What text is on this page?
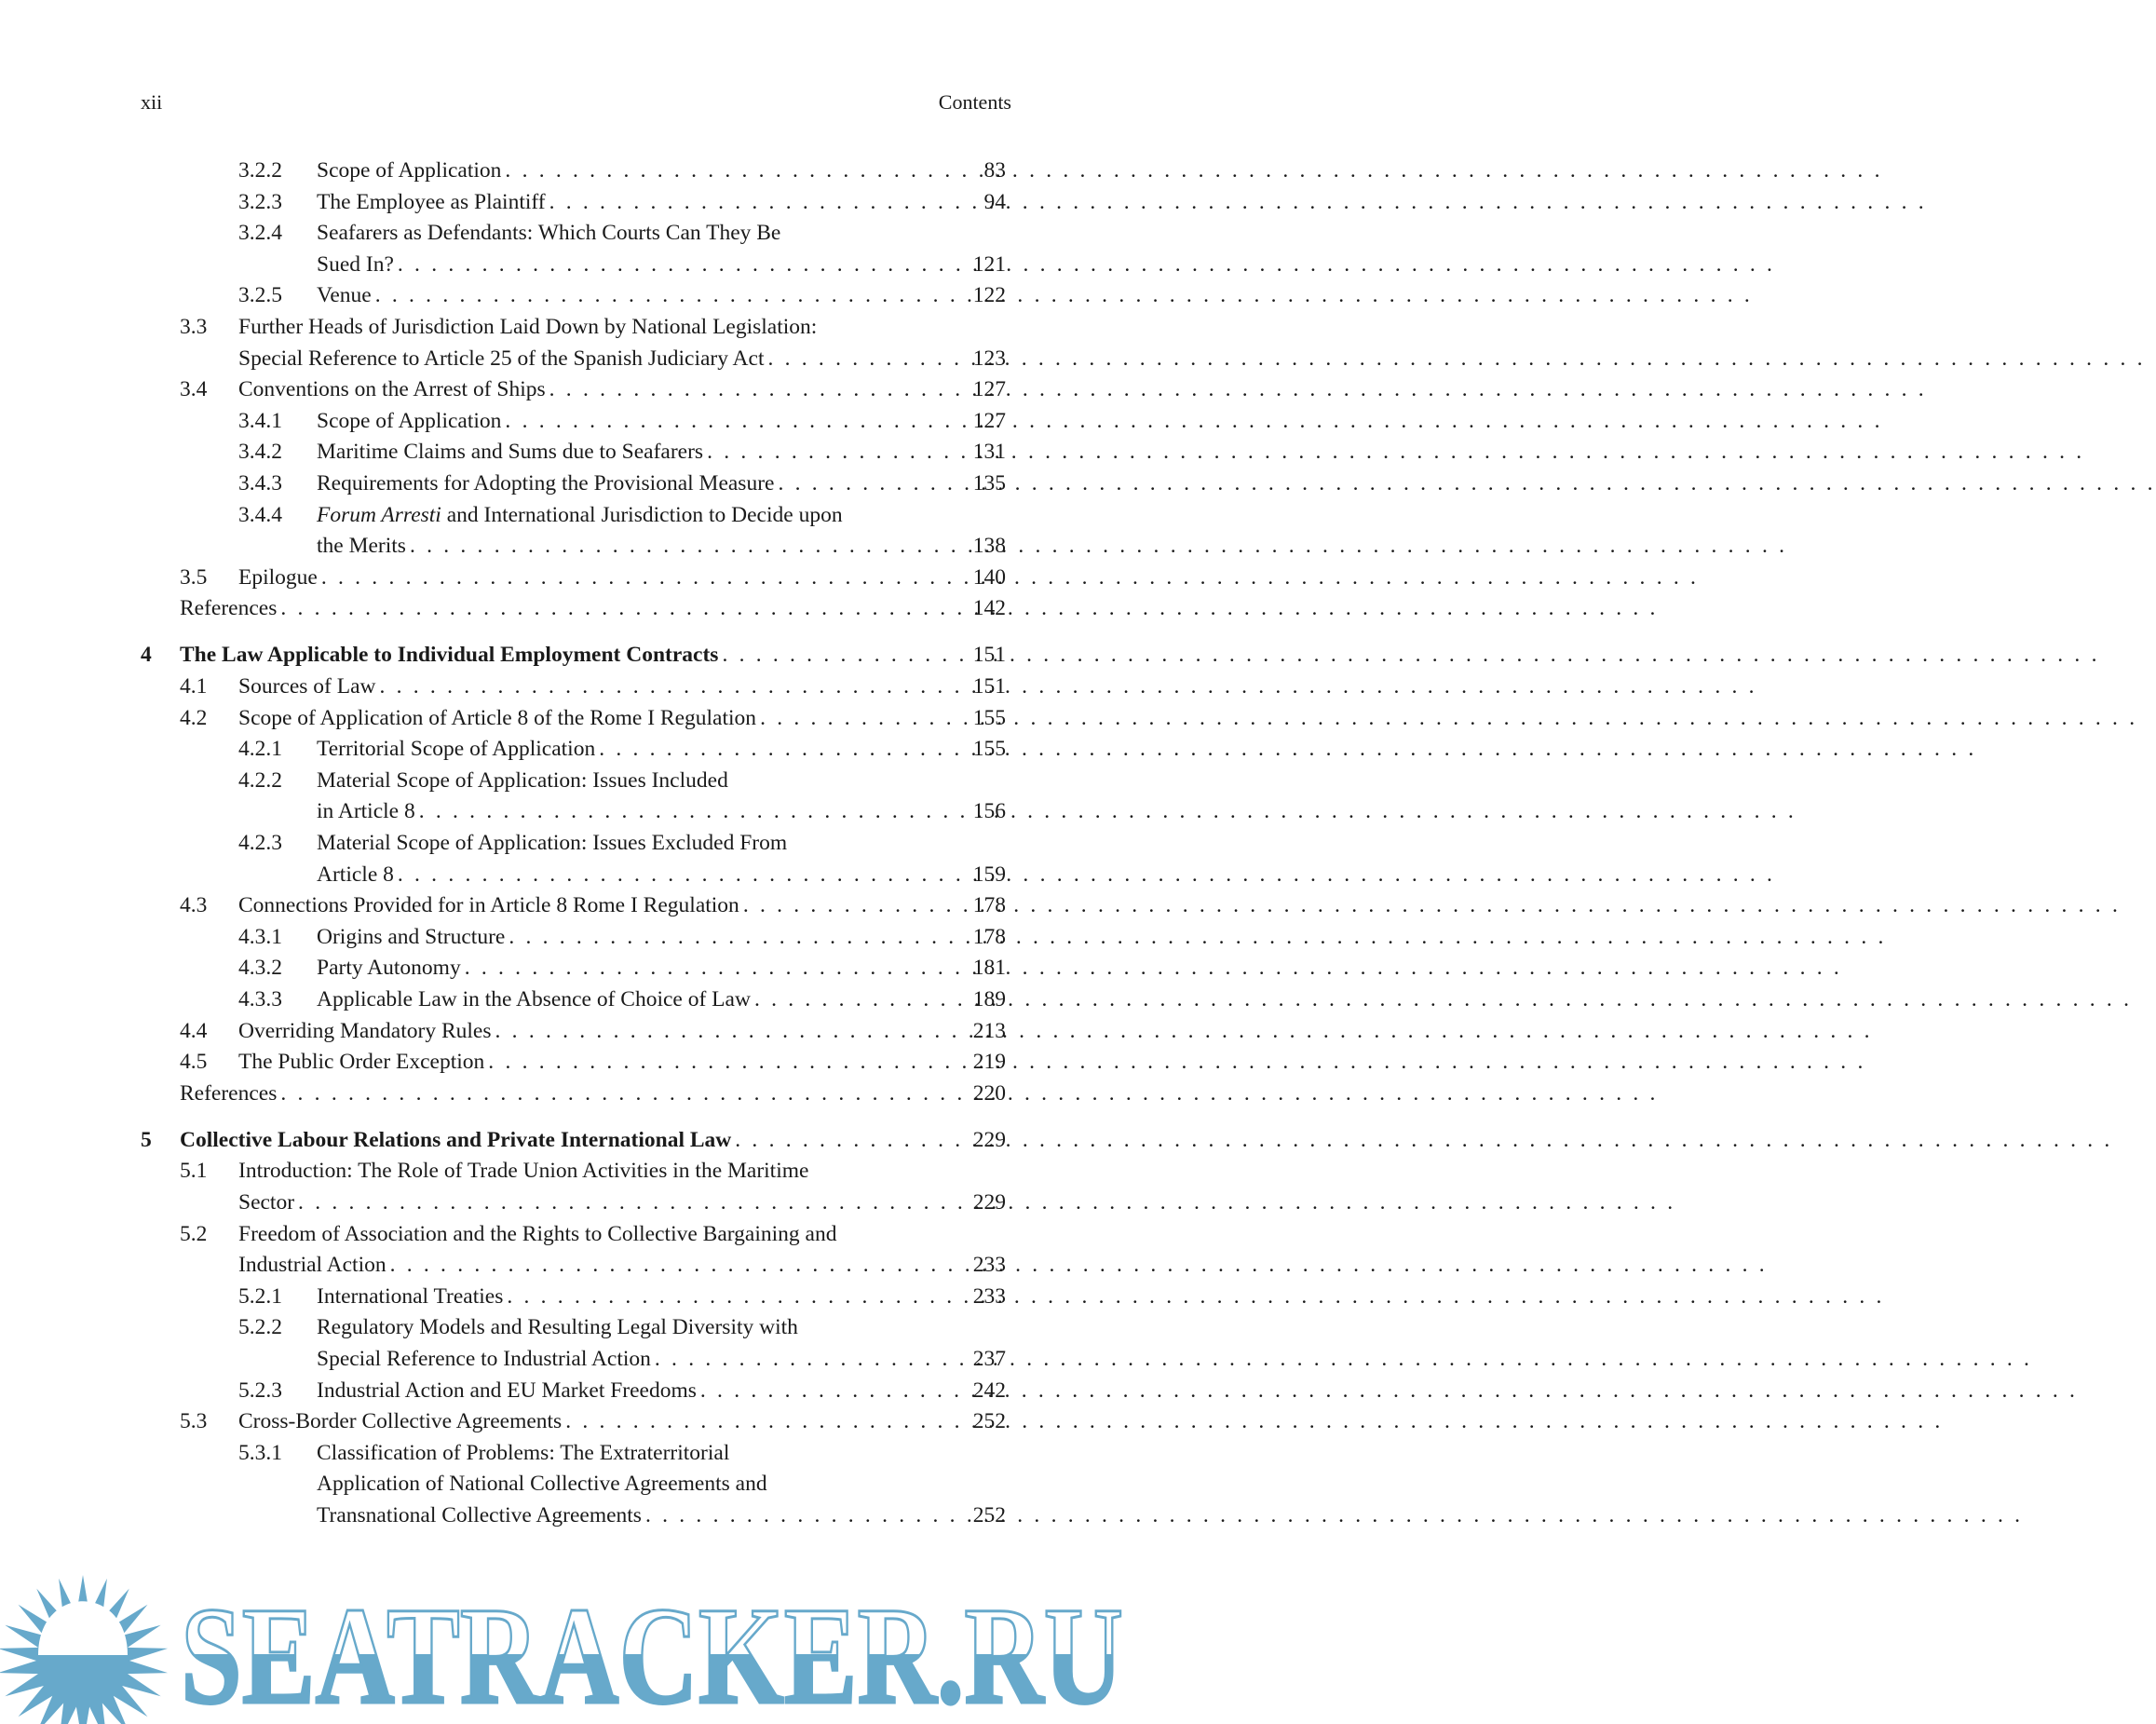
xii	Contents
3.2.2 Scope of Application . . .	83
3.2.3 The Employee as Plaintiff . . .	94
3.2.4 Seafarers as Defendants: Which Courts Can They Be
Sued In? . . .	121
3.2.5 Venue . . .	122
3.3 Further Heads of Jurisdiction Laid Down by National Legislation:
Special Reference to Article 25 of the Spanish Judiciary Act . . .	123
3.4 Conventions on the Arrest of Ships . . .	127
3.4.1 Scope of Application . . .	127
3.4.2 Maritime Claims and Sums due to Seafarers . . .	131
3.4.3 Requirements for Adopting the Provisional Measure . . .	135
3.4.4 Forum Arresti and International Jurisdiction to Decide upon
the Merits . . .	138
3.5 Epilogue . . .	140
References . . .	142
4 The Law Applicable to Individual Employment Contracts . . .	151
4.1 Sources of Law . . .	151
4.2 Scope of Application of Article 8 of the Rome I Regulation . . .	155
4.2.1 Territorial Scope of Application . . .	155
4.2.2 Material Scope of Application: Issues Included
in Article 8 . . .	156
4.2.3 Material Scope of Application: Issues Excluded From
Article 8 . . .	159
4.3 Connections Provided for in Article 8 Rome I Regulation . . .	178
4.3.1 Origins and Structure . . .	178
4.3.2 Party Autonomy . . .	181
4.3.3 Applicable Law in the Absence of Choice of Law . . .	189
4.4 Overriding Mandatory Rules . . .	213
4.5 The Public Order Exception . . .	219
References . . .	220
5 Collective Labour Relations and Private International Law . . .	229
5.1 Introduction: The Role of Trade Union Activities in the Maritime
Sector . . .	229
5.2 Freedom of Association and the Rights to Collective Bargaining and
Industrial Action . . .	233
5.2.1 International Treaties . . .	233
5.2.2 Regulatory Models and Resulting Legal Diversity with
Special Reference to Industrial Action . . .	237
5.2.3 Industrial Action and EU Market Freedoms . . .	242
5.3 Cross-Border Collective Agreements . . .	252
5.3.1 Classification of Problems: The Extraterritorial
Application of National Collective Agreements and
Transnational Collective Agreements . . .	252
SEATRACKER.RU
